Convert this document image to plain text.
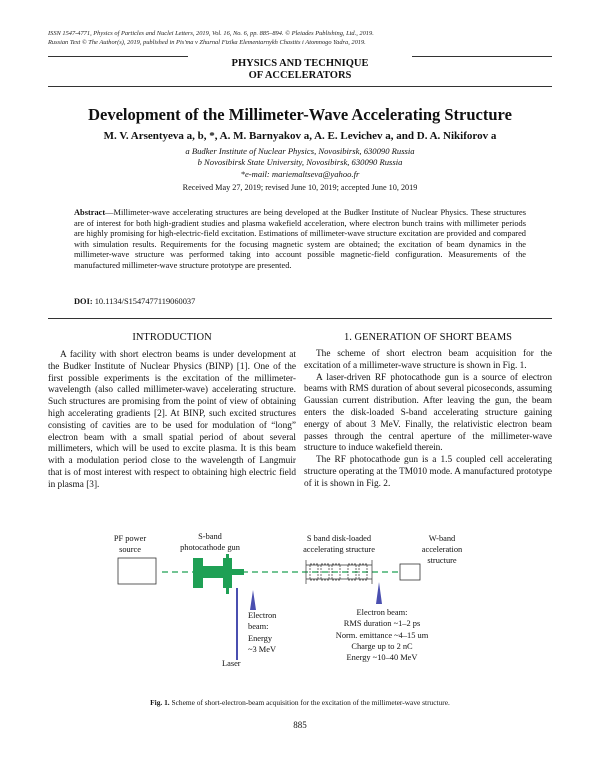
ISSN 1547-4771, Physics of Particles and Nuclei Letters, 2019, Vol. 16, No. 6, pp. 885–894. © Pleiades Publishing, Ltd., 2019.
Russian Text © The Author(s), 2019, published in Pis'ma v Zhurnal Fizika Elementarnykh Chastits i Atomnogo Yadra, 2019.
PHYSICS AND TECHNIQUE
OF ACCELERATORS
Development of the Millimeter-Wave Accelerating Structure
M. V. Arsentyeva a, b, *, A. M. Barnyakov a, A. E. Levichev a, and D. A. Nikiforov a
a Budker Institute of Nuclear Physics, Novosibirsk, 630090 Russia
b Novosibirsk State University, Novosibirsk, 630090 Russia
*e-mail: mariemaltseva@yahoo.fr
Received May 27, 2019; revised June 10, 2019; accepted June 10, 2019
Abstract—Millimeter-wave accelerating structures are being developed at the Budker Institute of Nuclear Physics. These structures are of interest for both high-gradient studies and plasma wakefield acceleration, where electron bunch trains with millimeter periods are highly promising for high-electric-field excitation. Estimations of millimeter-wave structure excitation are provided and compared with simulation results. Requirements for the focusing magnetic system are obtained; the excitation of beam dynamics in the millimeter-wave structure was performed taking into account possible magnetic-field configuration. Measurements of the manufactured millimeter-wave structure prototype are presented.
DOI: 10.1134/S1547477119060037
INTRODUCTION

A facility with short electron beams is under development at the Budker Institute of Nuclear Physics (BINP) [1]. One of the first possible experiments is the excitation of the millimeter-wavelength (also called millimeter-wave) accelerating structure. Such structures are promising from the point of view of obtaining high accelerating gradients [2]. At BINP, such excited structures consisting of cavities are to be used for modulation of “long” electron beam with a small spatial period of about several millimeters, which will be used to excite plasma. It is this beam with a modulation period close to the wavelength of Langmuir that is of most interest with respect to obtaining high electric field in plasma [3].

1. GENERATION OF SHORT BEAMS

The scheme of short electron beam acquisition for the excitation of a millimeter-wave structure is shown in Fig. 1.

A laser-driven RF photocathode gun is a source of electron beams with RMS duration of about several picoseconds, assuming Gaussian current distribution. After leaving the gun, the beam enters the disk-loaded S-band accelerating structure gaining energy of about 3 MeV. Finally, the relativistic electron beam passes through the central aperture of the millimeter-wave structure to induce wakefield therein.

The RF photocathode gun is a 1.5 coupled cell accelerating structure operating at the TM010 mode. A manufactured prototype of it is shown in Fig. 2.

PF power
source
S-band
photocathode gun
S band disk-loaded
accelerating structure
W-band
acceleration
structure
Electron
beam:
Energy
~3 MeV
Laser
Electron beam:
RMS duration ~1–2 ps
Norm. emittance ~4–15 um
Charge up to 2 nC
Energy ~10–40 MeV
Fig. 1. Scheme of short-electron-beam acquisition for the excitation of the millimeter-wave structure.
885
